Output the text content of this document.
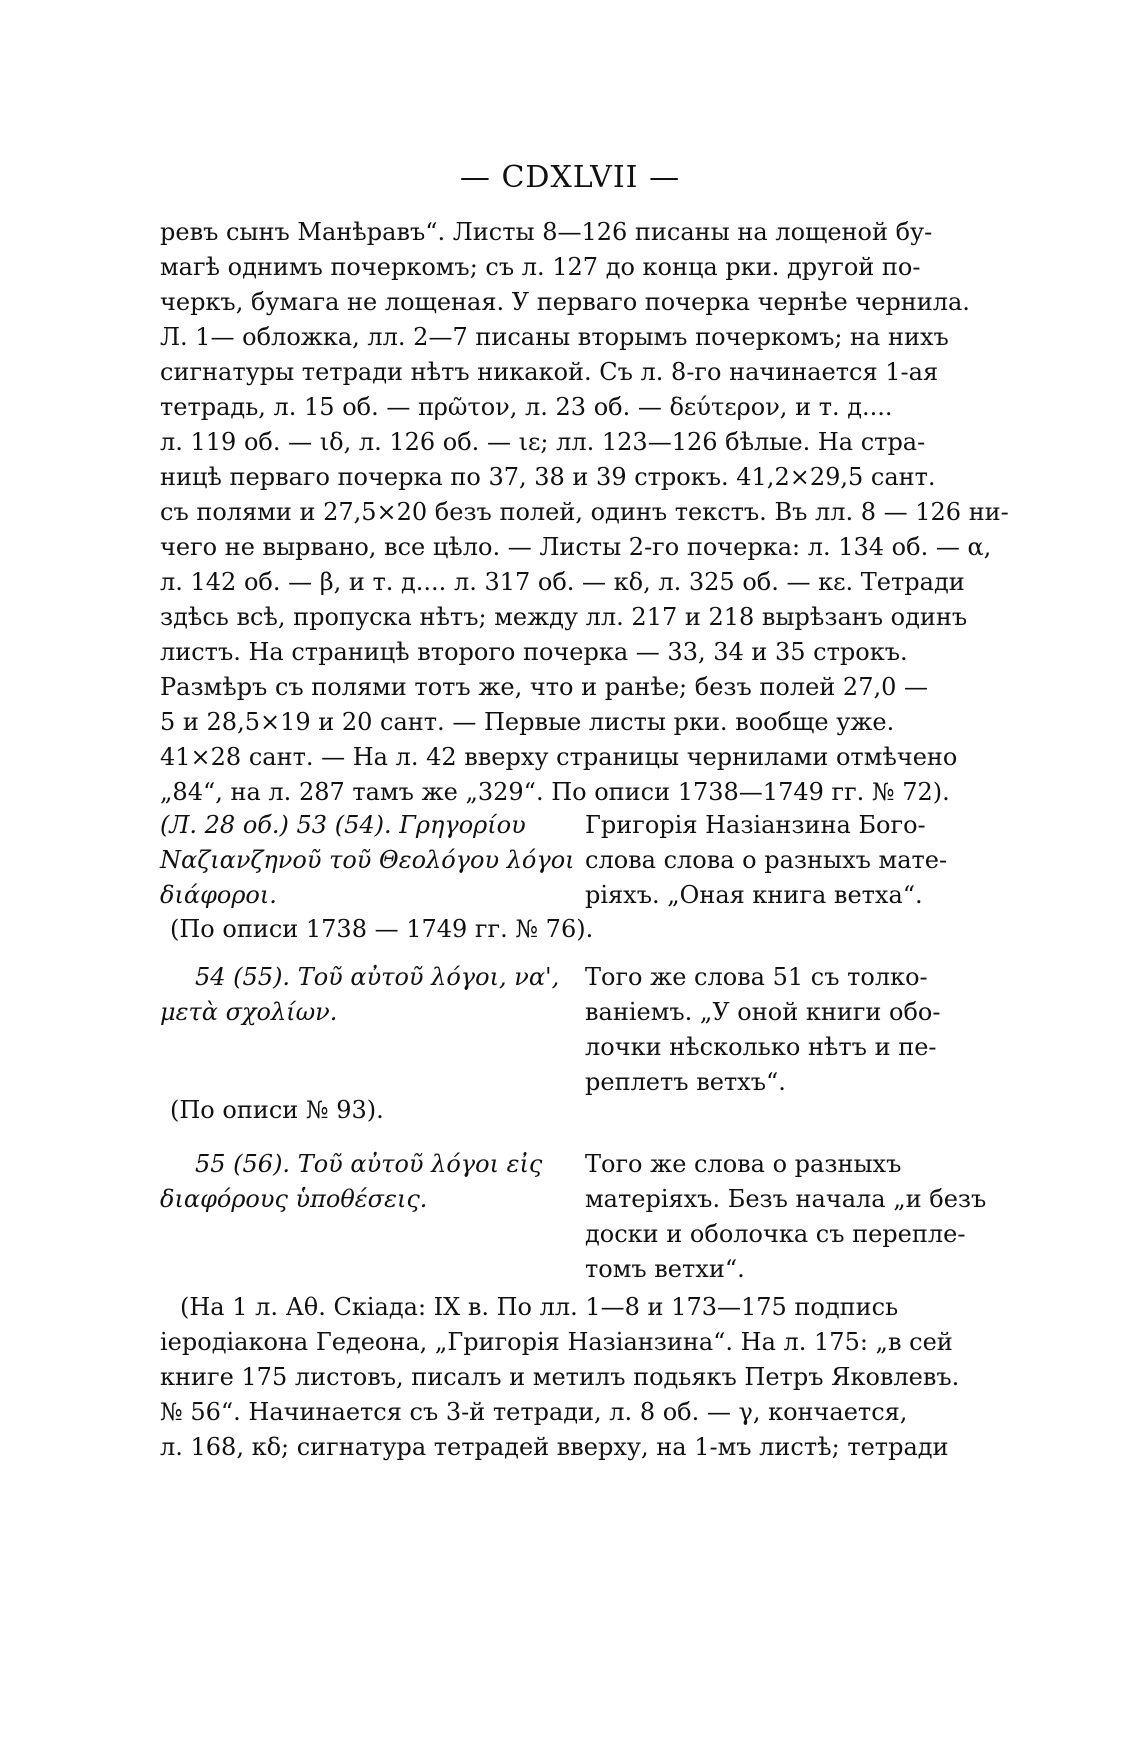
— CDXLVII —
ревъ сынъ Манѣравъ“. Листы 8—126 писаны на лощеной бу-
магѣ однимъ почеркомъ; съ л. 127 до конца рки. другой по-
черкъ, бумага не лощеная. У перваго почерка чернѣе чернила.
Л. 1— обложка, лл. 2—7 писаны вторымъ почеркомъ; на нихъ
сигнатуры тетради нѣтъ никакой. Съ л. 8-го начинается 1-ая
тетрадь, л. 15 об. — πρῶτον, л. 23 об. — δεύτερον, и т. д....
л. 119 об. — ιδ, л. 126 об. — ιε; лл. 123—126 бѣлые. На стра-
ницѣ перваго почерка по 37, 38 и 39 строкъ. 41,2×29,5 сант.
съ полями и 27,5×20 безъ полей, одинъ текстъ. Въ лл. 8 — 126 ни-
чего не вырвано, все цѣло. — Листы 2-го почерка: л. 134 об. — α,
л. 142 об. — β, и т. д.... л. 317 об. — κδ, л. 325 об. — κε. Тетради
здѣсь всѣ, пропуска нѣтъ; между лл. 217 и 218 вырѣзанъ одинъ
листъ. На страницѣ второго почерка — 33, 34 и 35 строкъ.
Размѣръ съ полями тотъ же, что и ранѣе; безъ полей 27,0 —
5 и 28,5×19 и 20 сант. — Первые листы рки. вообще уже.
41×28 сант. — На л. 42 вверху страницы чернилами отмѣчено
„84“, на л. 287 тамъ же „329“. По описи 1738—1749 гг. № 72).
(Л. 28 об.) 53 (54). Γρηγορίου
Ναζιανζηνοῦ τοῦ Θεολόγου λόγοι
διάφοροι.
Григорія Назіанзина Бого-
слова слова о разныхъ мате-
ріяхъ. „Оная книга ветха“.
(По описи 1738 — 1749 гг. № 76).
54 (55). Τοῦ αὐτοῦ λόγοι, να',
μετὰ σχολίων.
Того же слова 51 съ толко-
ваніемъ. „У оной книги обо-
лочки нѣсколько нѣтъ и пе-
реплетъ ветхъ“.
(По описи № 93).
55 (56). Τοῦ αὐτοῦ λόγοι εἰς
διαφόρους ὑποθέσεις.
Того же слова о разныхъ
матеріяхъ. Безъ начала „и безъ
доски и оболочка съ перепле-
томъ ветхи“.
(На 1 л. Аθ. Скіада: IX в. По лл. 1—8 и 173—175 подпись
іеродіакона Гедеона, „Григорія Назіанзина“. На л. 175: „в сей
книге 175 листовъ, писалъ и метилъ подьякъ Петръ Яковлевъ.
№ 56“. Начинается съ 3-й тетради, л. 8 об. — γ, кончается,
л. 168, κδ; сигнатура тетрадей вверху, на 1-мъ листѣ; тетради
